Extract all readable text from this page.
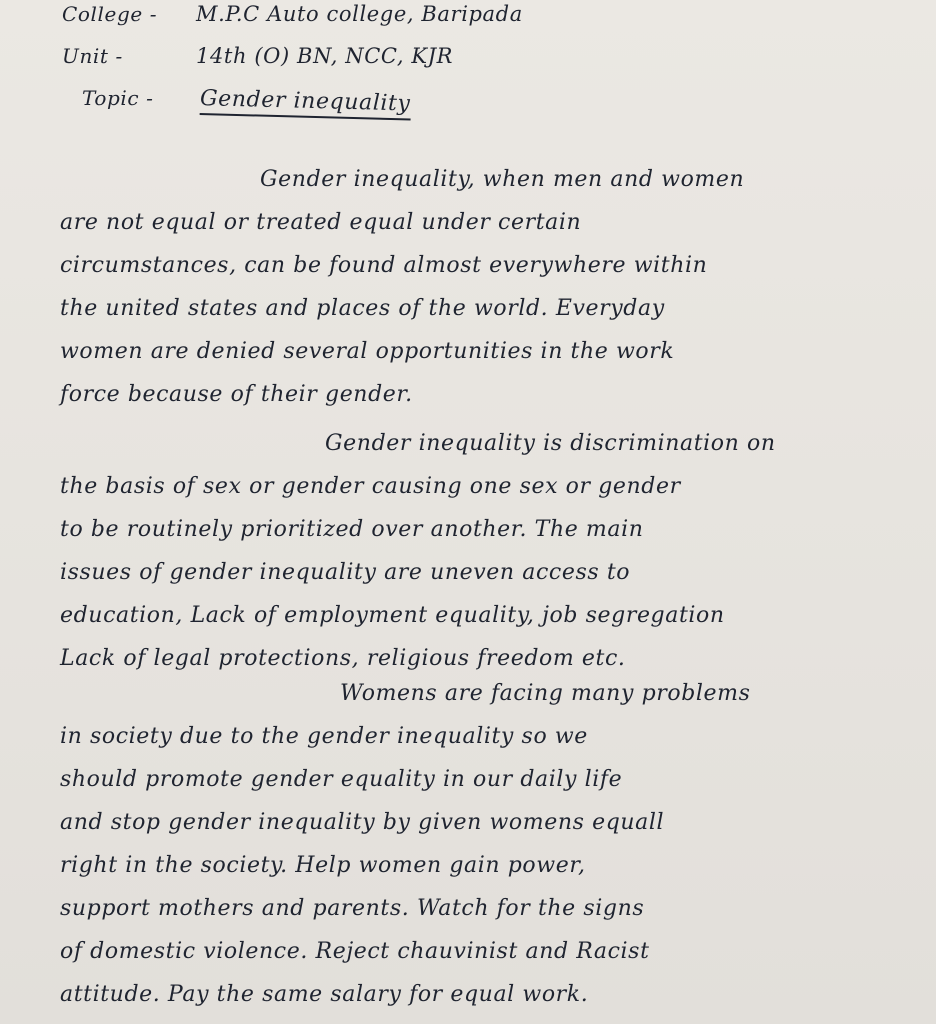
College - M.P.C Auto college, Baripada
Unit -	14th (O) BN, NCC, KJR
Topic - Gender inequality
Gender inequality, when men and women
are not equal or treated equal under certain
circumstances, can be found almost everywhere within
the united states and places of the world. Everyday
women are denied several opportunities in the work
force because of their gender.
Gender inequality is discrimination on
the basis of sex or gender causing one sex or gender
to be routinely prioritized over another. The main
issues of gender inequality are uneven access to
education, Lack of employment equality, job segregation
Lack of legal protections, religious freedom etc.
Womens are facing many problems
in society due to the gender inequality so we
should promote gender equality in our daily life
and stop gender inequality by given womens equall
right in the society. Help women gain power,
support mothers and parents. Watch for the signs
of domestic violence. Reject chauvinist and Racist
attitude. Pay the same salary for equal work.
